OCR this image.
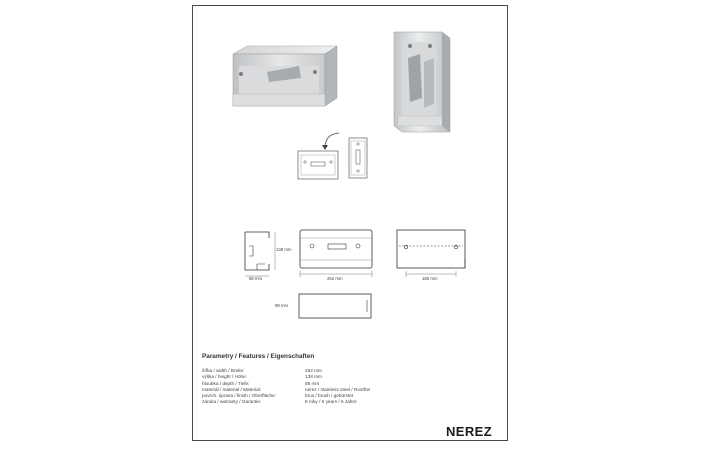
138 mm
88 mm	252 mm	180 mm
88 mm
Parametry / Features / Eigenschaften
šířka / width / Breite:	252 mm
výška / height / Höhe:	138 mm
hloubka / depth / Tiefe:	88 mm
materiál / material / Material:	nerez / stainless steel / Rostfrei
povrch. úprava / finish / Oberfläche:	brus / brush / gebürstet
záruka / warranty / Garantie:	6 roky / 6 years / 6 Jahre
NEREZ
